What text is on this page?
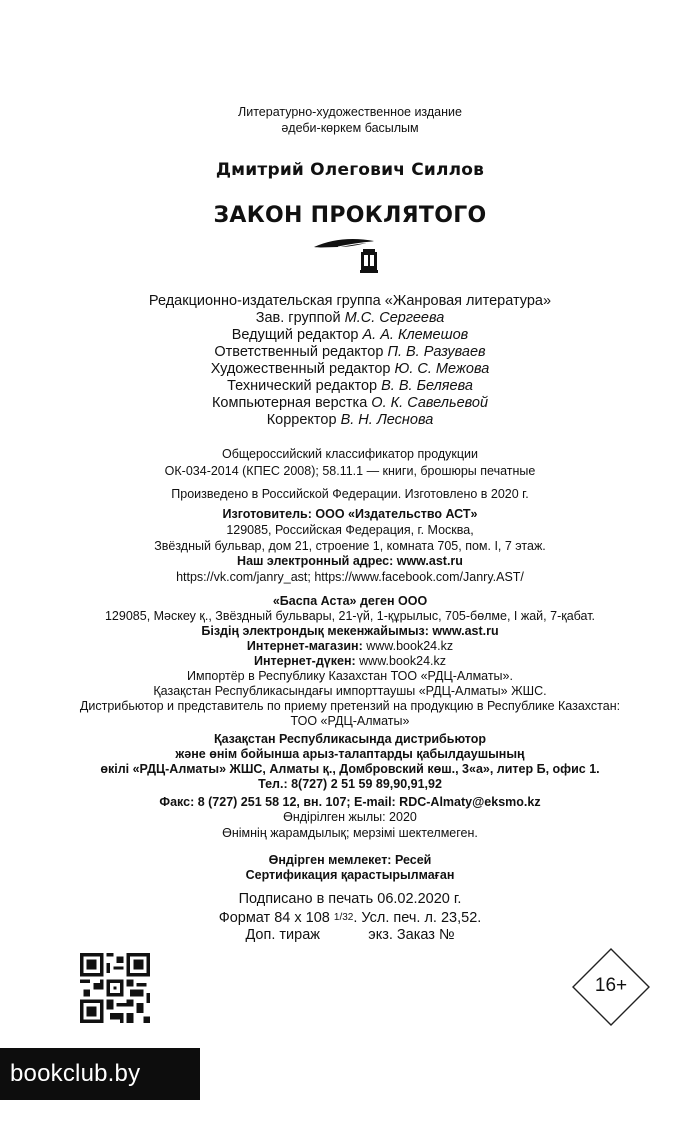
Литературно-художественное издание
әдеби-көркем басылым
Дмитрий Олегович Силлов
ЗАКОН ПРОКЛЯТОГО
Редакционно-издательская группа «Жанровая литература»
Зав. группой М.С. Сергеева
Ведущий редактор А. А. Клемешов
Ответственный редактор П. В. Разуваев
Художественный редактор Ю. С. Межова
Технический редактор В. В. Беляева
Компьютерная верстка О. К. Савельевой
Корректор В. Н. Леснова
Общероссийский классификатор продукции
ОК-034-2014 (КПЕС 2008); 58.11.1 — книги, брошюры печатные
Произведено в Российской Федерации. Изготовлено в 2020 г.
Изготовитель: ООО «Издательство АСТ»
129085, Российская Федерация, г. Москва,
Звёздный бульвар, дом 21, строение 1, комната 705, пом. I, 7 этаж.
Наш электронный адрес: www.ast.ru
https://vk.com/janry_ast; https://www.facebook.com/Janry.AST/
«Баспа Аста» деген ООО
129085, Мәскеу қ., Звёздный бульвары, 21-үй, 1-құрылыс, 705-бөлме, I жай, 7-қабат.
Біздің электрондық мекенжайымыз: www.ast.ru
Интернет-магазин: www.book24.kz
Интернет-дүкен: www.book24.kz
Импортёр в Республику Казахстан ТОО «РДЦ-Алматы».
Қазақстан Республикасындағы импорттаушы «РДЦ-Алматы» ЖШС.
Дистрибьютор и представитель по приему претензий на продукцию в Республике Казахстан:
ТОО «РДЦ-Алматы»
Қазақстан Республикасында дистрибьютор
және өнім бойынша арыз-талаптарды қабылдаушының
өкілі «РДЦ-Алматы» ЖШС, Алматы қ., Домбровский көш., 3«а», литер Б, офис 1.
Тел.: 8(727) 2 51 59 89,90,91,92
Факс: 8 (727) 251 58 12, вн. 107; E-mail: RDC-Almaty@eksmo.kz
Өндірілген жылы: 2020
Өнімнің жарамдылық; мерзімі шектелмеген.
Өндірген мемлекет: Ресей
Сертификация қарастырылмаған
Подписано в печать 06.02.2020 г.
Формат 84 x 108 1/32. Усл. печ. л. 23,52.
Доп. тираж            экз. Заказ №
16+
bookclub.by
